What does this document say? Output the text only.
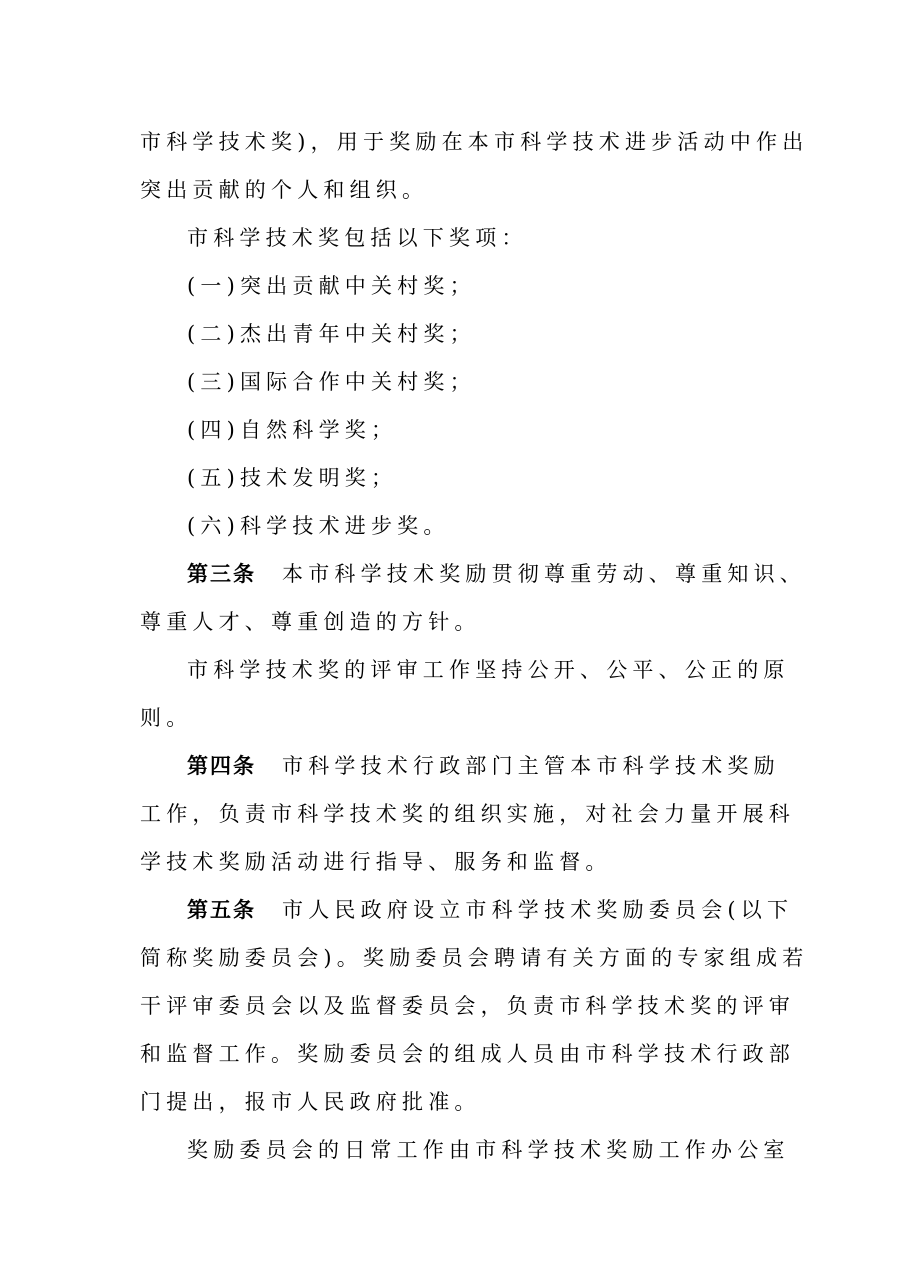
市科学技术奖)，用于奖励在本市科学技术进步活动中作出
突出贡献的个人和组织。
市科学技术奖包括以下奖项：
(一)突出贡献中关村奖；
(二)杰出青年中关村奖；
(三)国际合作中关村奖；
(四)自然科学奖；
(五)技术发明奖；
(六)科学技术进步奖。
第三条 本市科学技术奖励贯彻尊重劳动、尊重知识、
尊重人才、尊重创造的方针。
市科学技术奖的评审工作坚持公开、公平、公正的原
则。
第四条 市科学技术行政部门主管本市科学技术奖励
工作，负责市科学技术奖的组织实施，对社会力量开展科
学技术奖励活动进行指导、服务和监督。
第五条 市人民政府设立市科学技术奖励委员会(以下
简称奖励委员会)。奖励委员会聘请有关方面的专家组成若
干评审委员会以及监督委员会，负责市科学技术奖的评审
和监督工作。奖励委员会的组成人员由市科学技术行政部
门提出，报市人民政府批准。
奖励委员会的日常工作由市科学技术奖励工作办公室
